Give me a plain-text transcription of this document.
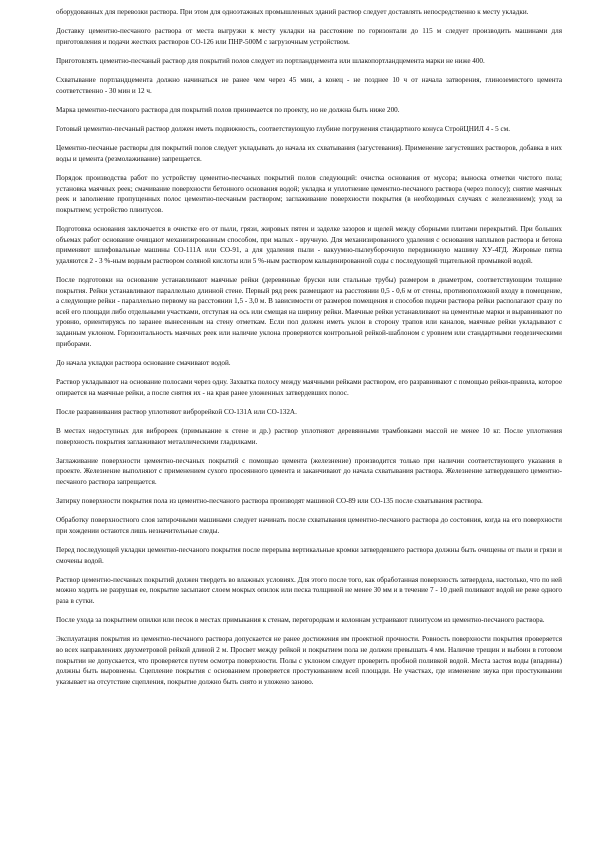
оборудованных для перевозки раствора. При этом для одноэтажных промышленных зданий раствор следует доставлять непосредственно к месту укладки.

Доставку цементно-песчаного раствора от места выгрузки к месту укладки на расстояние по горизонтали до 115 м следует производить машинами для приготовления и подачи жестких растворов СО-126 или ПНР-500М с загрузочным устройством.

Приготовлять цементно-песчаный раствор для покрытий полов следует из портландцемента или шлакопортландцемента марки не ниже 400.

Схватывание портландцемента должно начинаться не ранее чем через 45 мин, а конец - не позднее 10 ч от начала затворения, глиноземистого цемента соответственно - 30 мин и 12 ч.

Марка цементно-песчаного раствора для покрытий полов принимается по проекту, но не должна быть ниже 200.

Готовый цементно-песчаный раствор должен иметь подвижность, соответствующую глубине погружения стандартного конуса СтройЦНИЛ 4 - 5 см.

Цементно-песчаные растворы для покрытий полов следует укладывать до начала их схватывания (загустевания). Применение загустевших растворов, добавка в них воды и цемента (резмолаживание) запрещается.

Порядок производства работ по устройству цементно-песчаных покрытий полов следующий: очистка основания от мусора; выноска отметки чистого пола; установка маячных реек; смачивание поверхности бетонного основания водой; укладка и уплотнение цементно-песчаного раствора (через полосу); снятие маячных реек и заполнение пропущенных полос цементно-песчаным раствором; заглаживание поверхности покрытия (в необходимых случаях с железнением); уход за покрытием; устройство плинтусов.

Подготовка основания заключается в очистке его от пыли, грязи, жировых пятен и заделке зазоров и щелей между сборными плитами перекрытий. При больших объемах работ основание очищают механизированным способом, при малых - вручную. Для механизированного удаления с основания наплывов раствора и бетона применяют шлифовальные машины СО-111А или СО-91, а для удаления пыли - вакуумно-пылеуборочную передвижную машину ХУ-4ГД. Жировые пятна удаляются 2 - 3 %-ным водным раствором соляной кислоты или 5 %-ным раствором кальцинированной соды с последующей тщательной промывкой водой.

После подготовки на основание устанавливают маячные рейки (деревянные бруски или стальные трубы) размером в диаметром, соответствующим толщине покрытия. Рейки устанавливают параллельно длинной стене. Первый ряд реек размещают на расстоянии 0,5 - 0,6 м от стены, противоположной входу в помещение, а следующие рейки - параллельно первому на расстоянии 1,5 - 3,0 м. В зависимости от размеров помещения и способов подачи раствора рейки располагают сразу по всей его площади либо отдельными участками, отступая на ось или смещая на ширину рейки. Маячные рейки устанавливают на цементные марки и выравнивают по уровню, ориентируясь по заранее вынесенным на стену отметкам. Если пол должен иметь уклон в сторону трапов или каналов, маячные рейки укладывают с заданным уклоном. Горизонтальность маячных реек или наличие уклона проверяются контрольной рейкой-шаблоном с уровнем или стандартными геодезическими приборами.

До начала укладки раствора основание смачивают водой.

Раствор укладывают на основание полосами через одну. Захватка полосу между маячными рейками раствором, его разравнивают с помощью рейки-правила, которое опирается на маячные рейки, а после снятия их - на края ранее уложенных затвердевших полос.

После разравнивания раствор уплотняют виброрейкой СО-131А или СО-132А.

В местах недоступных для виброреек (примыкание к стене и др.) раствор уплотняют деревянными трамбовками массой не менее 10 кг. После уплотнения поверхность покрытия заглаживают металлическими гладилками.

Заглаживание поверхности цементно-песчаных покрытий с помощью цемента (железнение) производится только при наличии соответствующего указания в проекте. Железнение выполняют с применением сухого просеянного цемента и заканчивают до начала схватывания раствора. Железнение затвердевшего цементно-песчаного раствора запрещается.

Затирку поверхности покрытия пола из цементно-песчаного раствора производят машиной СО-89 или СО-135 после схватывания раствора.

Обработку поверхностного слоя затирочными машинами следует начинать после схватывания цементно-песчаного раствора до состояния, когда на его поверхности при хождении остаются лишь незначительные следы.

Перед последующей укладки цементно-песчаного покрытия после перерыва вертикальные кромки затвердевшего раствора должны быть очищены от пыли и грязи и смочены водой.

Раствор цементно-песчаных покрытий должен твердеть во влажных условиях. Для этого после того, как обработанная поверхность затвердела, настолько, что по ней можно ходить не разрушая ее, покрытие засыпают слоем мокрых опилок или песка толщиной не менее 30 мм и в течение 7 - 10 дней поливают водой не реже одного раза в сутки.

После ухода за покрытием опилки или песок в местах примыкания к стенам, перегородкам и колоннам устраивают плинтусом из цементно-песчаного раствора.

Эксплуатация покрытия из цементно-песчаного раствора допускается не ранее достижения им проектной прочности. Ровность поверхности покрытия проверяется во всех направлениях двухметровой рейкой длиной 2 м. Просвет между рейкой и покрытием пола не должен превышать 4 мм. Наличие трещин и выбоин в готовом покрытии не допускается, что проверяется путем осмотра поверхности. Полы с уклоном следует проверить пробной поливкой водой. Места застоя воды (впадины) должны быть выровнены. Сцепление покрытия с основанием проверяется простукиванием всей площади. Не участках, где изменение звука при простукивании указывает на отсутствие сцепления, покрытие должно быть снято и уложено заново.
